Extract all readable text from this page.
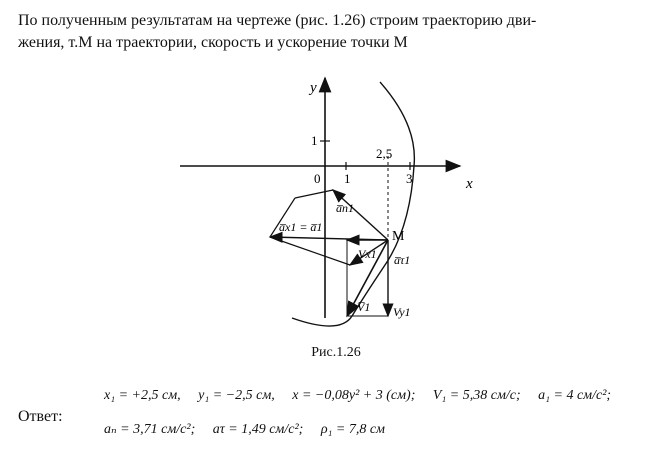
По полученным результатам на чертеже (рис. 1.26) строим траекторию дви-
жения, т.М на траектории, скорость и ускорение точки М
x
y
0 1	3
1
2,5
M
a̅n1
a̅x1 = a̅1
Vx1 a̅τ1
V̅1 Vy1
Рис.1.26
Ответ:
x₁ = +2,5 см, y₁ = −2,5 см, x = −0,08y² + 3 (см); V₁ = 5,38 см/с; a₁ = 4 см/с²;
aₙ = 3,71 см/с²; aτ = 1,49 см/с²; ρ₁ = 7,8 см
